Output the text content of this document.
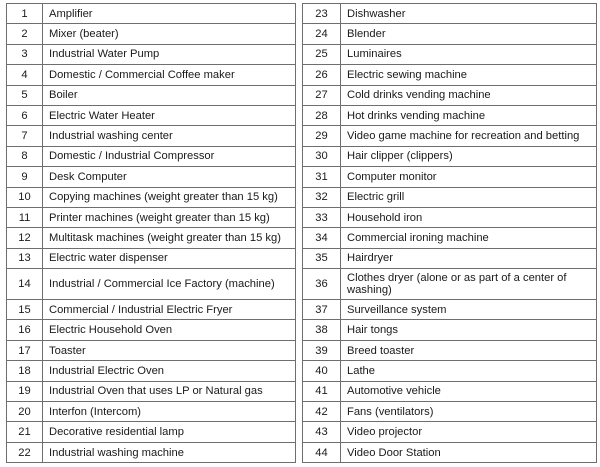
1	Amplifier
2	Mixer (beater)
3	Industrial Water Pump
4	Domestic / Commercial Coffee maker
5	Boiler
6	Electric Water Heater
7	Industrial washing center
8	Domestic / Industrial Compressor
9	Desk Computer
10	Copying machines (weight greater than 15 kg)
11	Printer machines (weight greater than 15 kg)
12	Multitask machines (weight greater than 15 kg)
13	Electric water dispenser
14	Industrial / Commercial Ice Factory (machine)
15	Commercial / Industrial Electric Fryer
16	Electric Household Oven
17	Toaster
18	Industrial Electric Oven
19	Industrial Oven that uses LP or Natural gas
20	Interfon (Intercom)
21	Decorative residential lamp
22	Industrial washing machine
23	Dishwasher
24	Blender
25	Luminaires
26	Electric sewing machine
27	Cold drinks vending machine
28	Hot drinks vending machine
29	Video game machine for recreation and betting
30	Hair clipper (clippers)
31	Computer monitor
32	Electric grill
33	Household iron
34	Commercial ironing machine
35	Hairdryer
36	Clothes dryer (alone or as part of a center of washing)
37	Surveillance system
38	Hair tongs
39	Breed toaster
40	Lathe
41	Automotive vehicle
42	Fans (ventilators)
43	Video projector
44	Video Door Station
